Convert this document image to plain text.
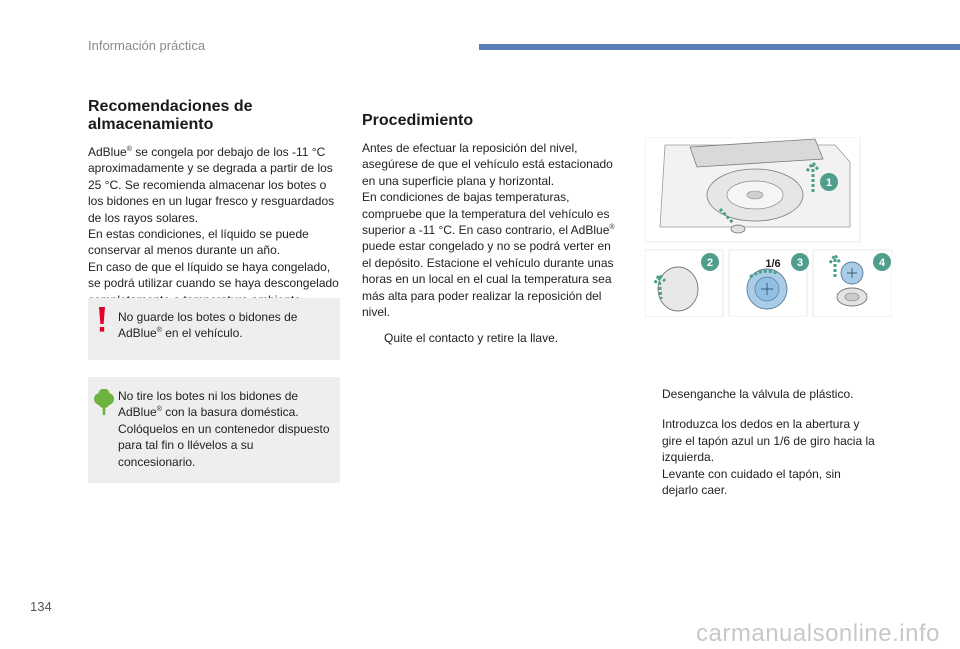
Información práctica
Recomendaciones de
almacenamiento

AdBlue® se congela por debajo de los -11 °C aproximadamente y se degrada a partir de los 25 °C. Se recomienda almacenar los botes o los bidones en un lugar fresco y resguardados de los rayos solares.

En estas condiciones, el líquido se puede conservar al menos durante un año.

En caso de que el líquido se haya congelado, se podrá utilizar cuando se haya descongelado

No guarde los botes o bidones de AdBlue® en el vehículo.
No tire los botes ni los bidones de AdBlue® con la basura doméstica. Colóquelos en un contenedor dispuesto para tal fin o llévelos a su concesionario.
Procedimiento

Antes de efectuar la reposición del nivel, asegúrese de que el vehículo está estacionado en una superficie plana y horizontal.

En condiciones de bajas temperaturas, compruebe que la temperatura del vehículo es superior a -11 °C. En caso contrario, el AdBlue® puede estar congelado y no se podrá verter en el depósito. Estacione el vehículo durante unas horas en un local en el cual la temperatura sea más alta para poder realizar la reposición del nivel.

Quite el contacto y retire la llave.
1
2	1/6 3	4
Desenganche la válvula de plástico.
Introduzca los dedos en la abertura y gire el tapón azul un 1/6 de giro hacia la izquierda.
Levante con cuidado el tapón, sin dejarlo caer.
134
carmanualsonline.info
